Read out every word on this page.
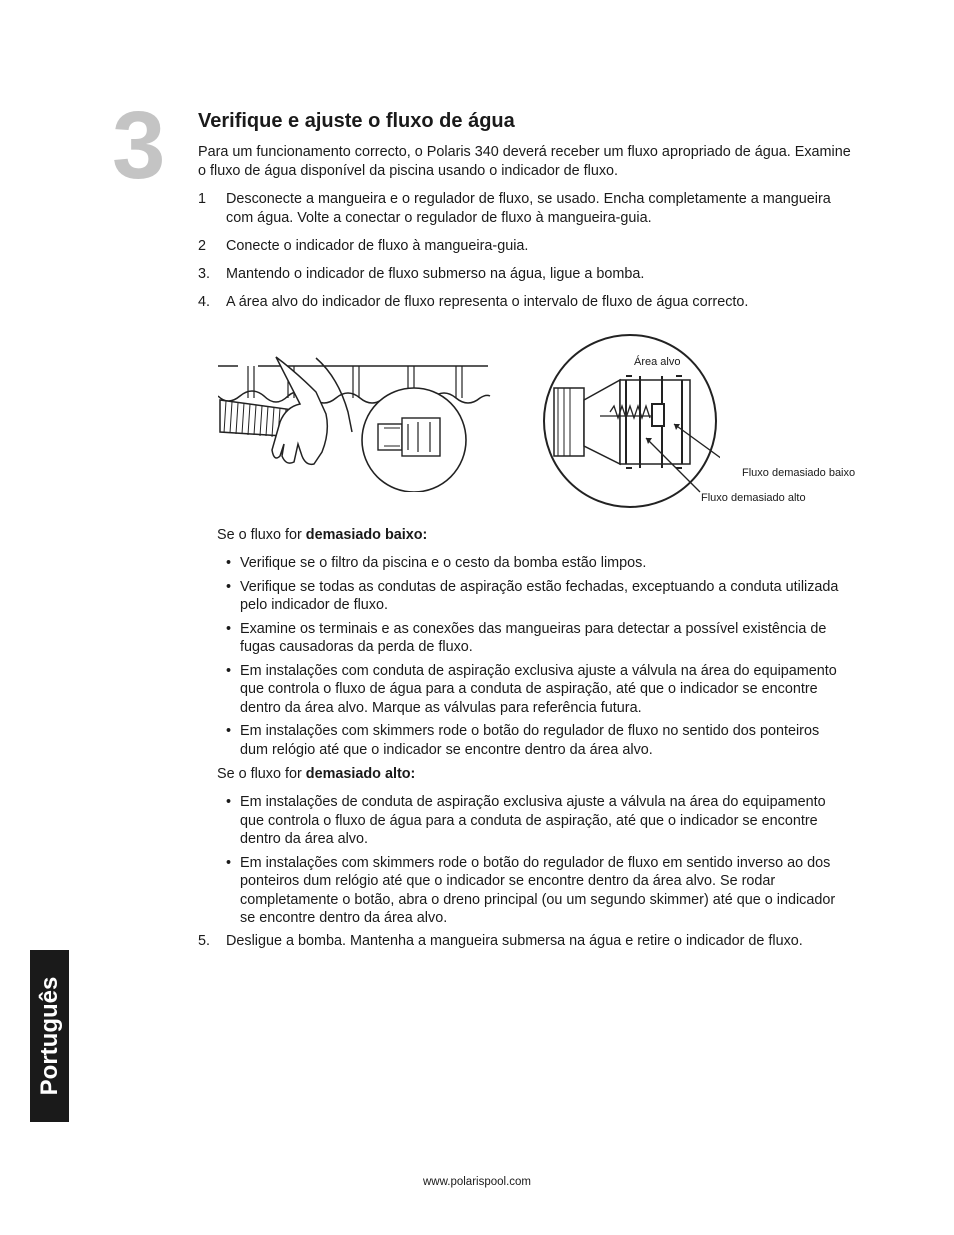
3 Verifique e ajuste o fluxo de água

Para um funcionamento correcto, o Polaris 340 deverá receber um fluxo apropriado de água. Examine o fluxo de água disponível da piscina usando o indicador de fluxo.

1 Desconecte a mangueira e o regulador de fluxo, se usado. Encha completamente a mangueira com água. Volte a conectar o regulador de fluxo à mangueira-guia.
2 Conecte o indicador de fluxo à mangueira-guia.
3. Mantendo o indicador de fluxo submerso na água, ligue a bomba.
4. A área alvo do indicador de fluxo representa o intervalo de fluxo de água correcto.
Área alvo
Fluxo demasiado baixo
Fluxo demasiado alto

Se o fluxo for demasiado baixo:

• Verifique se o filtro da piscina e o cesto da bomba estão limpos.
• Verifique se todas as condutas de aspiração estão fechadas, exceptuando a conduta utilizada pelo indicador de fluxo.
• Examine os terminais e as conexões das mangueiras para detectar a possível existência de fugas causadoras da perda de fluxo.
• Em instalações com conduta de aspiração exclusiva ajuste a válvula na área do equipamento que controla o fluxo de água para a conduta de aspiração, até que o indicador se encontre dentro da área alvo. Marque as válvulas para referência futura.
• Em instalações com skimmers rode o botão do regulador de fluxo no sentido dos ponteiros dum relógio até que o indicador se encontre dentro da área alvo.

Se o fluxo for demasiado alto:

• Em instalações de conduta de aspiração exclusiva ajuste a válvula na área do equipamento que controla o fluxo de água para a conduta de aspiração, até que o indicador se encontre dentro da área alvo.
• Em instalações com skimmers rode o botão do regulador de fluxo em sentido inverso ao dos ponteiros dum relógio até que o indicador se encontre dentro da área alvo. Se rodar completamente o botão, abra o dreno principal (ou um segundo skimmer) até que o indicador se encontre dentro da área alvo.

5. Desligue a bomba. Mantenha a mangueira submersa na água e retire o indicador de fluxo.

Português
www.polarispool.com
